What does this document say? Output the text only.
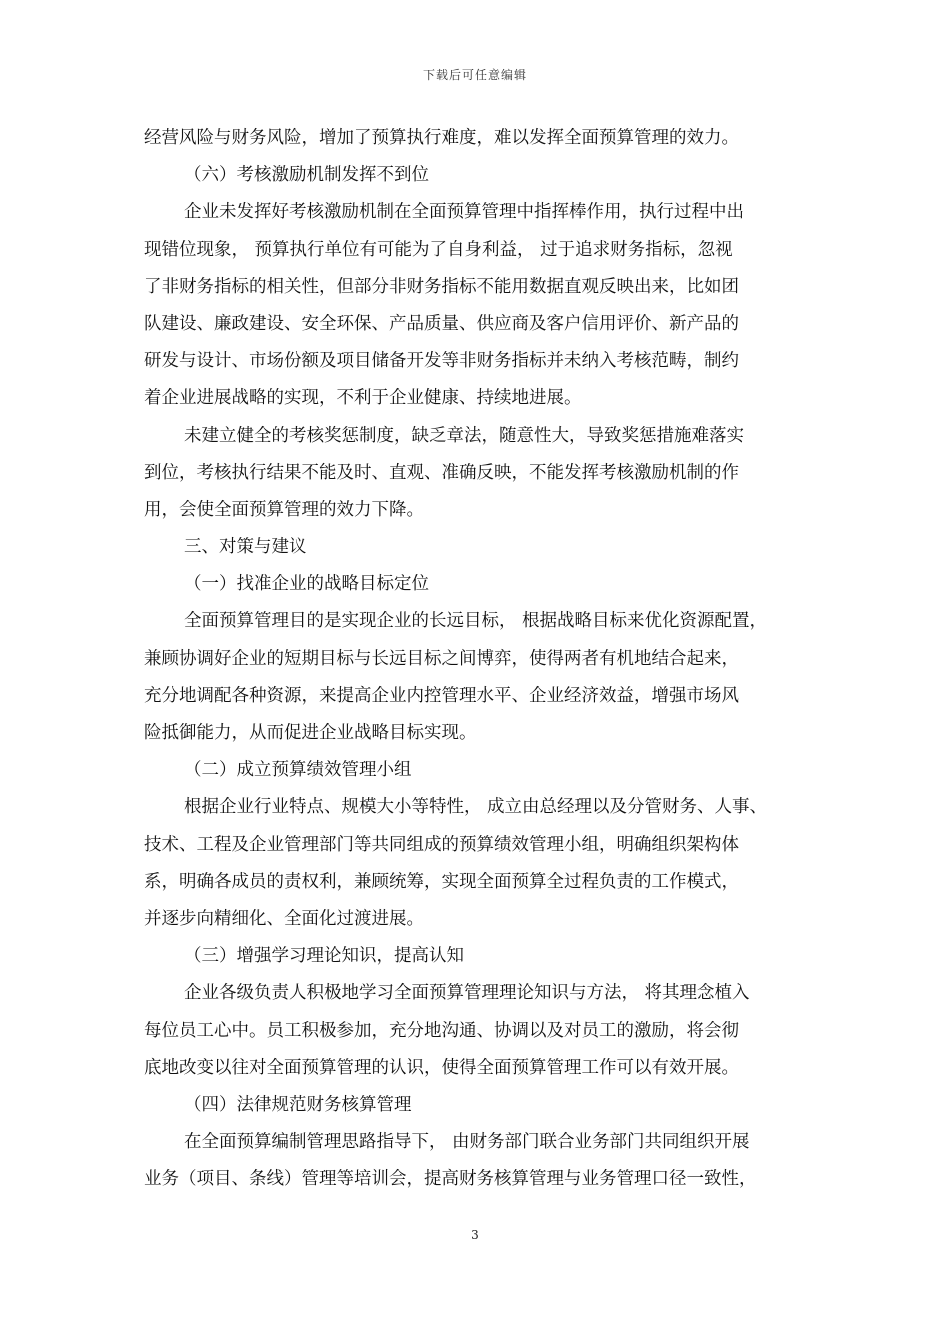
下载后可任意编辑
经营风险与财务风险，增加了预算执行难度，难以发挥全面预算管理的效力。
（六）考核激励机制发挥不到位
企业未发挥好考核激励机制在全面预算管理中指挥棒作用，执行过程中出
现错位现象， 预算执行单位有可能为了自身利益， 过于追求财务指标，忽视
了非财务指标的相关性，但部分非财务指标不能用数据直观反映出来，比如团
队建设、廉政建设、安全环保、产品质量、供应商及客户信用评价、新产品的
研发与设计、市场份额及项目储备开发等非财务指标并未纳入考核范畴，制约
着企业进展战略的实现，不利于企业健康、持续地进展。
未建立健全的考核奖惩制度，缺乏章法，随意性大，导致奖惩措施难落实
到位，考核执行结果不能及时、直观、准确反映，不能发挥考核激励机制的作
用，会使全面预算管理的效力下降。
三、对策与建议
（一）找准企业的战略目标定位
全面预算管理目的是实现企业的长远目标， 根据战略目标来优化资源配置，
兼顾协调好企业的短期目标与长远目标之间博弈，使得两者有机地结合起来，
充分地调配各种资源，来提高企业内控管理水平、企业经济效益，增强市场风
险抵御能力，从而促进企业战略目标实现。
（二）成立预算绩效管理小组
根据企业行业特点、规模大小等特性， 成立由总经理以及分管财务、人事、
技术、工程及企业管理部门等共同组成的预算绩效管理小组，明确组织架构体
系，明确各成员的责权利，兼顾统筹，实现全面预算全过程负责的工作模式，
并逐步向精细化、全面化过渡进展。
（三）增强学习理论知识，提高认知
企业各级负责人积极地学习全面预算管理理论知识与方法， 将其理念植入
每位员工心中。员工积极参加，充分地沟通、协调以及对员工的激励，将会彻
底地改变以往对全面预算管理的认识，使得全面预算管理工作可以有效开展。
（四）法律规范财务核算管理
在全面预算编制管理思路指导下， 由财务部门联合业务部门共同组织开展
业务（项目、条线）管理等培训会，提高财务核算管理与业务管理口径一致性，
3
